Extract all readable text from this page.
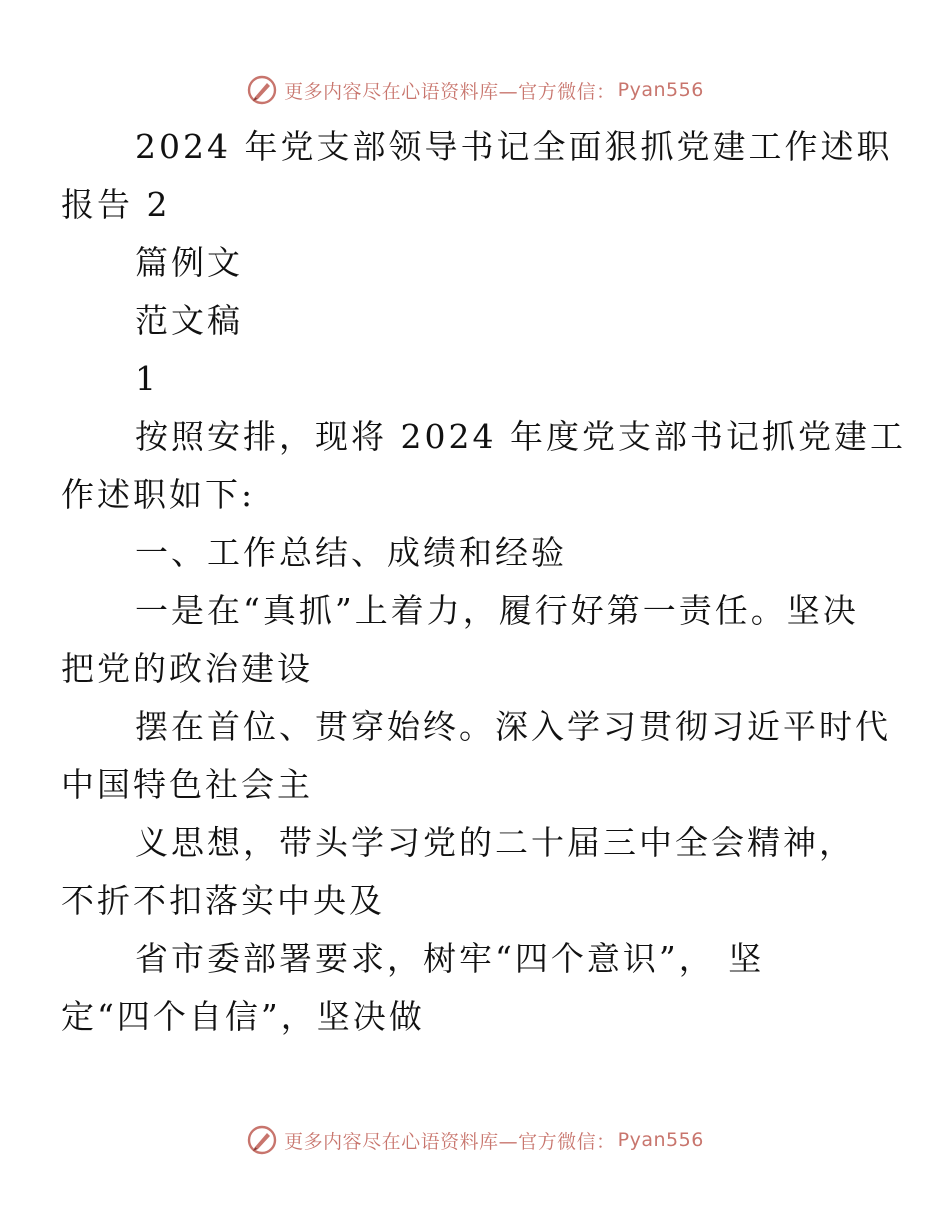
更多内容尽在心语资料库—官方微信： Pyan556

2024 年党支部领导书记全面狠抓党建工作述职
报告 2

篇例文

范文稿

1

按照安排，现将 2024 年度党支部书记抓党建工
作述职如下:

一、工作总结、成绩和经验

一是在“真抓”上着力，履行好第一责任。坚决
把党的政治建设

摆在首位、贯穿始终。深入学习贯彻习近平时代
中国特色社会主

义思想，带头学习党的二十届三中全会精神，
不折不扣落实中央及

省市委部署要求，树牢“四个意识”， 坚
定“四个自信”，坚决做

更多内容尽在心语资料库—官方微信： Pyan556
